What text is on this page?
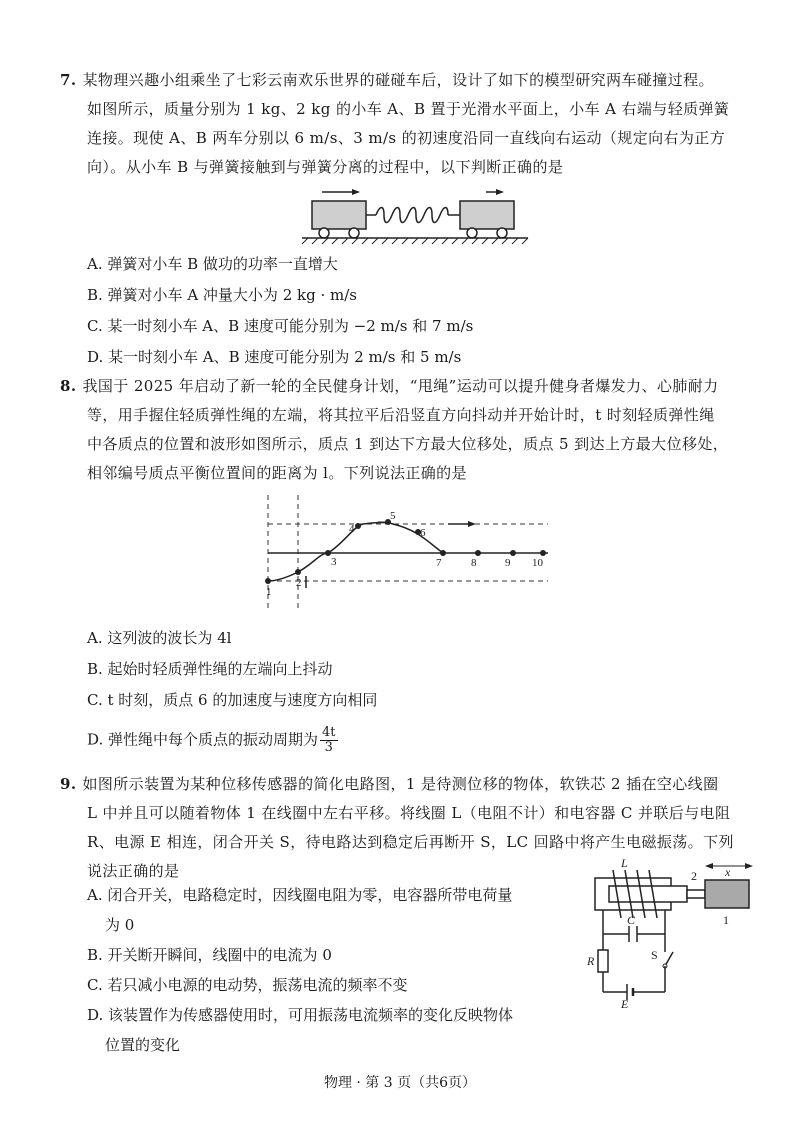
7. 某物理兴趣小组乘坐了七彩云南欢乐世界的碰碰车后，设计了如下的模型研究两车碰撞过程。
如图所示，质量分别为 1 kg、2 kg 的小车 A、B 置于光滑水平面上，小车 A 右端与轻质弹簧
连接。现使 A、B 两车分别以 6 m/s、3 m/s 的初速度沿同一直线向右运动（规定向右为正方
向）。从小车 B 与弹簧接触到与弹簧分离的过程中，以下判断正确的是
A. 弹簧对小车 B 做功的功率一直增大
B. 弹簧对小车 A 冲量大小为 2 kg · m/s
C. 某一时刻小车 A、B 速度可能分别为 −2 m/s 和 7 m/s
D. 某一时刻小车 A、B 速度可能分别为 2 m/s 和 5 m/s
8. 我国于 2025 年启动了新一轮的全民健身计划，“甩绳”运动可以提升健身者爆发力、心肺耐力
等，用手握住轻质弹性绳的左端，将其拉平后沿竖直方向抖动并开始计时，t 时刻轻质弹性绳
中各质点的位置和波形如图所示，质点 1 到达下方最大位移处，质点 5 到达上方最大位移处，
相邻编号质点平衡位置间的距离为 l。下列说法正确的是
1
2
3
4
5
6
7	8	9 10
A. 这列波的波长为 4l
B. 起始时轻质弹性绳的左端向上抖动
C. t 时刻，质点 6 的加速度与速度方向相同
D. 弹性绳中每个质点的振动周期为 $\frac{4t}{3}$
9. 如图所示装置为某种位移传感器的简化电路图，1 是待测位移的物体，软铁芯 2 插在空心线圈
L 中并且可以随着物体 1 在线圈中左右平移。将线圈 L（电阻不计）和电容器 C 并联后与电阻
R、电源 E 相连，闭合开关 S，待电路达到稳定后再断开 S，LC 回路中将产生电磁振荡。下列
说法正确的是
A. 闭合开关，电路稳定时，因线圈电阻为零，电容器所带电荷量
为 0
B. 开关断开瞬间，线圈中的电流为 0
C. 若只减小电源的电动势，振荡电流的频率不变
D. 该装置作为传感器使用时，可用振荡电流频率的变化反映物体
位置的变化
L
C
R
E
x
2
1
S
物理 · 第 3 页（共6页）
